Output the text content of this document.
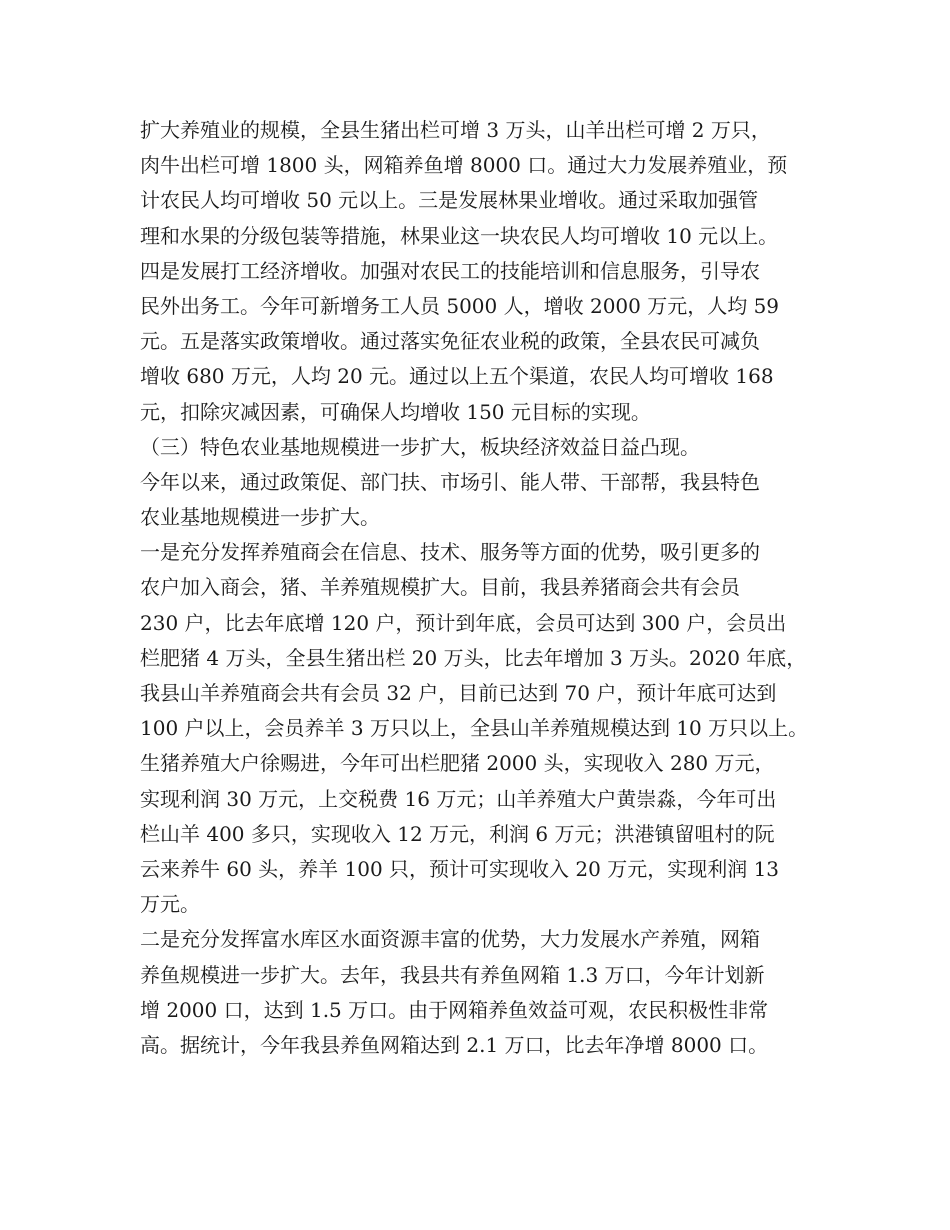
扩大养殖业的规模，全县生猪出栏可增 3 万头，山羊出栏可增 2 万只，
肉牛出栏可增 1800 头，网箱养鱼增 8000 口。通过大力发展养殖业，预
计农民人均可增收 50 元以上。三是发展林果业增收。通过采取加强管
理和水果的分级包装等措施，林果业这一块农民人均可增收 10 元以上。
四是发展打工经济增收。加强对农民工的技能培训和信息服务，引导农
民外出务工。今年可新增务工人员 5000 人，增收 2000 万元，人均 59
元。五是落实政策增收。通过落实免征农业税的政策，全县农民可减负
增收 680 万元，人均 20 元。通过以上五个渠道，农民人均可增收 168
元，扣除灾减因素，可确保人均增收 150 元目标的实现。
（三）特色农业基地规模进一步扩大，板块经济效益日益凸现。
今年以来，通过政策促、部门扶、市场引、能人带、干部帮，我县特色
农业基地规模进一步扩大。
一是充分发挥养殖商会在信息、技术、服务等方面的优势，吸引更多的
农户加入商会，猪、羊养殖规模扩大。目前，我县养猪商会共有会员
230 户，比去年底增 120 户，预计到年底，会员可达到 300 户，会员出
栏肥猪 4 万头，全县生猪出栏 20 万头，比去年增加 3 万头。2020 年底，
我县山羊养殖商会共有会员 32 户，目前已达到 70 户，预计年底可达到
100 户以上，会员养羊 3 万只以上，全县山羊养殖规模达到 10 万只以上。
生猪养殖大户徐赐进，今年可出栏肥猪 2000 头，实现收入 280 万元，
实现利润 30 万元，上交税费 16 万元；山羊养殖大户黄崇淼，今年可出
栏山羊 400 多只，实现收入 12 万元，利润 6 万元；洪港镇留咀村的阮
云来养牛 60 头，养羊 100 只，预计可实现收入 20 万元，实现利润 13
万元。
二是充分发挥富水库区水面资源丰富的优势，大力发展水产养殖，网箱
养鱼规模进一步扩大。去年，我县共有养鱼网箱 1.3 万口，今年计划新
增 2000 口，达到 1.5 万口。由于网箱养鱼效益可观，农民积极性非常
高。据统计，今年我县养鱼网箱达到 2.1 万口，比去年净增 8000 口。
